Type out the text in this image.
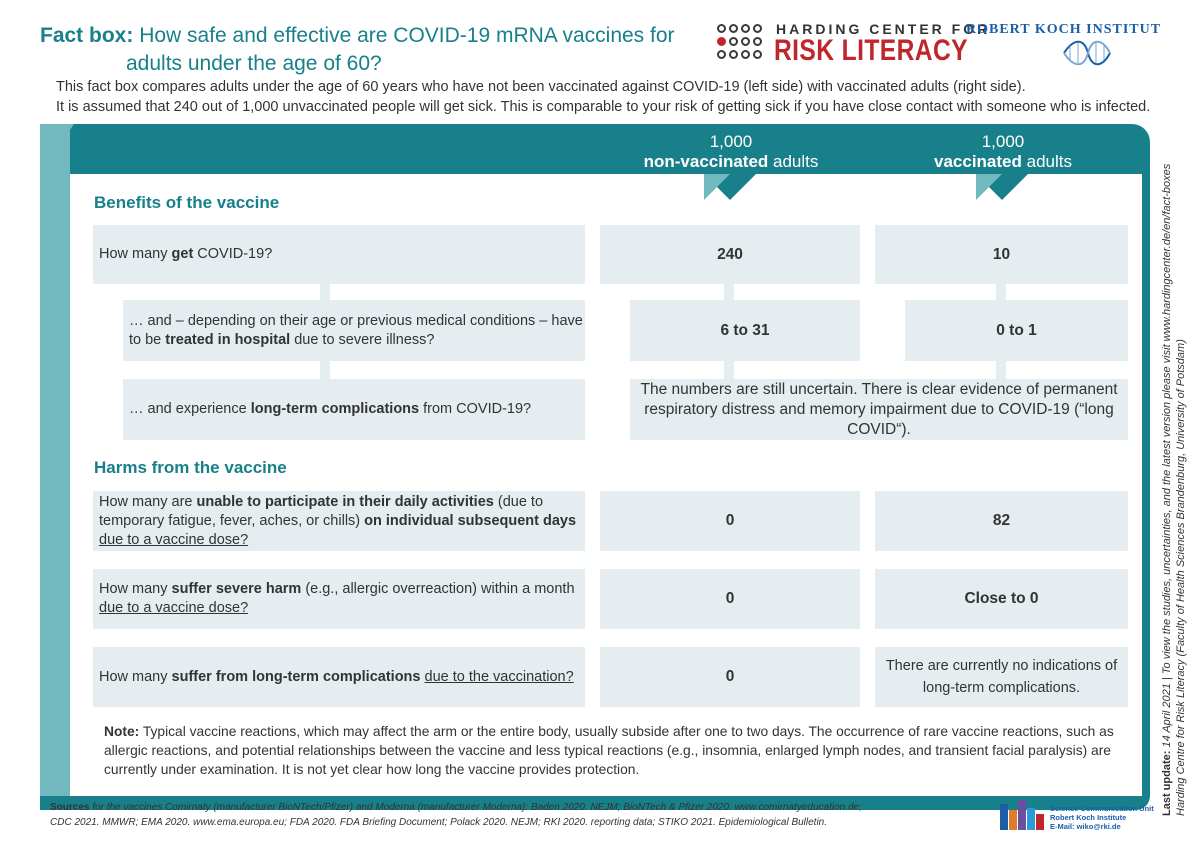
Fact box: How safe and effective are COVID-19 mRNA vaccines for
adults under the age of 60?
HARDING CENTER FOR
RISK LITERACY
ROBERT KOCH INSTITUT
This fact box compares adults under the age of 60 years who have not been vaccinated against COVID-19 (left side) with vaccinated adults (right side).
It is assumed that 240 out of 1,000 unvaccinated people will get sick. This is comparable to your risk of getting sick if you have close contact with someone who is infected.
1,000
non-vaccinated adults
1,000
vaccinated adults
Benefits of the vaccine
How many get COVID-19?	240	10
… and – depending on their age or previous medical conditions – have to be treated in hospital due to severe illness?
6 to 31	0 to 1
… and experience long-term complications from COVID-19?
The numbers are still uncertain. There is clear evidence of permanent respiratory distress and memory impairment due to COVID-19 (“long COVID“).
Harms from the vaccine
How many are unable to participate in their daily activities (due to temporary fatigue, fever, aches, or chills) on individual subsequent days due to a vaccine dose?
0	82
How many suffer severe harm (e.g., allergic overreaction) within a month due to a vaccine dose?
0	Close to 0
How many suffer from long-term complications due to the vaccination?	0
There are currently no indications of long-term complications.
Note: Typical vaccine reactions, which may affect the arm or the entire body, usually subside after one to two days. The occurrence of rare vaccine reactions, such as allergic reactions, and potential relationships between the vaccine and less typical reactions (e.g., insomnia, enlarged lymph nodes, and transient facial paralysis) are currently under examination. It is not yet clear how long the vaccine provides protection.	Last update: 14 April 2021 | To view the studies, uncertainties, and the latest version please visit www.hardingcenter.de/en/fact-boxes Harding Centre for Risk Literacy (Faculty of Health Sciences Brandenburg, University of Potsdam)
Sources for the vaccines Comirnaty (manufacturer BioNTech/Pfizer) and Moderna (manufacturer Moderna): Baden 2020. NEJM; BioNTech & Pfizer 2020. www.comirnatyeducation.de;
CDC 2021. MMWR; EMA 2020. www.ema.europa.eu; FDA 2020. FDA Briefing Document; Polack 2020. NEJM; RKI 2020. reporting data; STIKO 2021. Epidemiological Bulletin.
Science Communication Unit
Robert Koch Institute
E-Mail: wiko@rki.de
